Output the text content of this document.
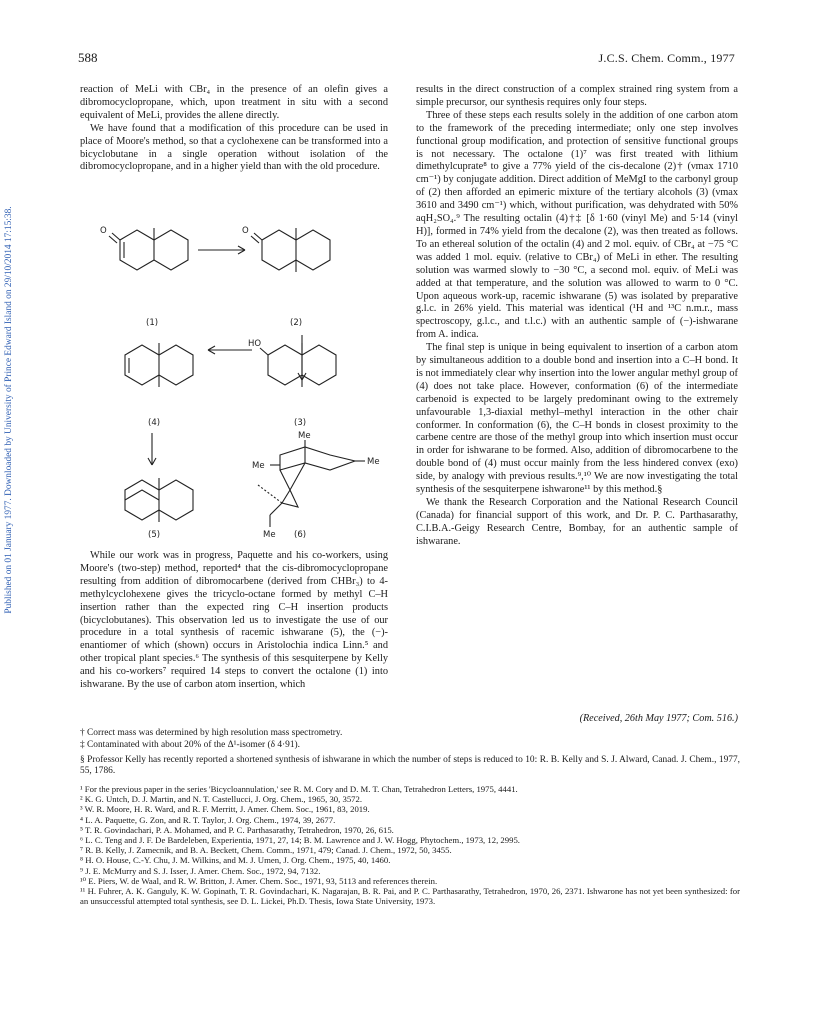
Published on 01 January 1977. Downloaded by University of Prince Edward Island on 29/10/2014 17:15:38.
588	J.C.S. Chem. Comm., 1977

reaction of MeLi with CBr₄ in the presence of an olefin gives a dibromocyclopropane, which, upon treatment in situ with a second equivalent of MeLi, provides the allene directly.

We have found that a modification of this procedure can be used in place of Moore's method, so that a cyclohexene can be transformed into a bicyclobutane in a single operation without isolation of the dibromocyclopropane, and in a higher yield than with the old procedure.

O
(1)
O
(2)
(4)
HO
(3)
(5)
Me
Me	Me
Me (6)

While our work was in progress, Paquette and his co-workers, using Moore's (two-step) method, reported⁴ that the cis-dibromocyclopropane resulting from addition of dibromocarbene (derived from CHBr₃) to 4-methylcyclohexene gives the tricyclo-octane formed by methyl C–H insertion rather than the expected ring C–H insertion products (bicyclobutanes). This observation led us to investigate the use of our procedure in a total synthesis of racemic ishwarane (5), the (−)-enantiomer of which (shown) occurs in Aristolochia indica Linn.⁵ and other tropical plant species.⁶ The synthesis of this sesquiterpene by Kelly and his co-workers⁷ required 14 steps to convert the octalone (1) into ishwarane. By the use of carbon atom insertion, which

results in the direct construction of a complex strained ring system from a simple precursor, our synthesis requires only four steps.

Three of these steps each results solely in the addition of one carbon atom to the framework of the preceding intermediate; only one step involves functional group modification, and protection of sensitive functional groups is not necessary. The octalone (1)⁷ was first treated with lithium dimethylcuprate⁸ to give a 77% yield of the cis-decalone (2)† (νmax 1710 cm⁻¹) by conjugate addition. Direct addition of MeMgI to the carbonyl group of (2) then afforded an epimeric mixture of the tertiary alcohols (3) (νmax 3610 and 3490 cm⁻¹) which, without purification, was dehydrated with 50% aqH₂SO₄.⁹ The resulting octalin (4)†‡ [δ 1·60 (vinyl Me) and 5·14 (vinyl H)], formed in 74% yield from the decalone (2), was then treated as follows. To an ethereal solution of the octalin (4) and 2 mol. equiv. of CBr₄ at −75 °C was added 1 mol. equiv. (relative to CBr₄) of MeLi in ether. The resulting solution was warmed slowly to −30 °C, a second mol. equiv. of MeLi was added at that temperature, and the solution was allowed to warm to 0 °C. Upon aqueous work-up, racemic ishwarane (5) was isolated by preparative g.l.c. in 26% yield. This material was identical (¹H and ¹³C n.m.r., mass spectroscopy, g.l.c., and t.l.c.) with an authentic sample of (−)-ishwarane from A. indica.

The final step is unique in being equivalent to insertion of a carbon atom by simultaneous addition to a double bond and insertion into a C–H bond. It is not immediately clear why insertion into the lower angular methyl group of (4) does not take place. However, conformation (6) of the intermediate carbenoid is expected to be largely predominant owing to the extremely unfavourable 1,3-diaxial methyl–methyl interaction in the other chair conformer. In conformation (6), the C–H bonds in closest proximity to the carbene centre are those of the methyl group into which insertion must occur in order for ishwarane to be formed. Also, addition of dibromocarbene to the double bond of (4) must occur mainly from the less hindered convex (exo) side, by analogy with previous results.⁹,¹⁰ We are now investigating the total synthesis of the sesquiterpene ishwarone¹¹ by this method.§

We thank the Research Corporation and the National Research Council (Canada) for financial support of this work, and Dr. P. C. Parthasarathy, C.I.B.A.-Geigy Research Centre, Bombay, for an authentic sample of ishwarane.

(Received, 26th May 1977; Com. 516.)
† Correct mass was determined by high resolution mass spectrometry.
‡ Contaminated with about 20% of the Δ¹-isomer (δ 4·91).
§ Professor Kelly has recently reported a shortened synthesis of ishwarane in which the number of steps is reduced to 10: R. B. Kelly and S. J. Alward, Canad. J. Chem., 1977, 55, 1786.

¹ For the previous paper in the series 'Bicycloannulation,' see R. M. Cory and D. M. T. Chan, Tetrahedron Letters, 1975, 4441.

² K. G. Untch, D. J. Martin, and N. T. Castellucci, J. Org. Chem., 1965, 30, 3572.

³ W. R. Moore, H. R. Ward, and R. F. Merritt, J. Amer. Chem. Soc., 1961, 83, 2019.

⁴ L. A. Paquette, G. Zon, and R. T. Taylor, J. Org. Chem., 1974, 39, 2677.

⁵ T. R. Govindachari, P. A. Mohamed, and P. C. Parthasarathy, Tetrahedron, 1970, 26, 615.

⁶ L. C. Teng and J. F. De Bardeleben, Experientia, 1971, 27, 14; B. M. Lawrence and J. W. Hogg, Phytochem., 1973, 12, 2995.

⁷ R. B. Kelly, J. Zamecnik, and B. A. Beckett, Chem. Comm., 1971, 479; Canad. J. Chem., 1972, 50, 3455.

⁸ H. O. House, C.-Y. Chu, J. M. Wilkins, and M. J. Umen, J. Org. Chem., 1975, 40, 1460.

⁹ J. E. McMurry and S. J. Isser, J. Amer. Chem. Soc., 1972, 94, 7132.

¹⁰ E. Piers, W. de Waal, and R. W. Britton, J. Amer. Chem. Soc., 1971, 93, 5113 and references therein.

¹¹ H. Fuhrer, A. K. Ganguly, K. W. Gopinath, T. R. Govindachari, K. Nagarajan, B. R. Pai, and P. C. Parthasarathy, Tetrahedron, 1970, 26, 2371. Ishwarone has not yet been synthesized: for an unsuccessful attempted total synthesis, see D. L. Lickei, Ph.D. Thesis, Iowa State University, 1973.
